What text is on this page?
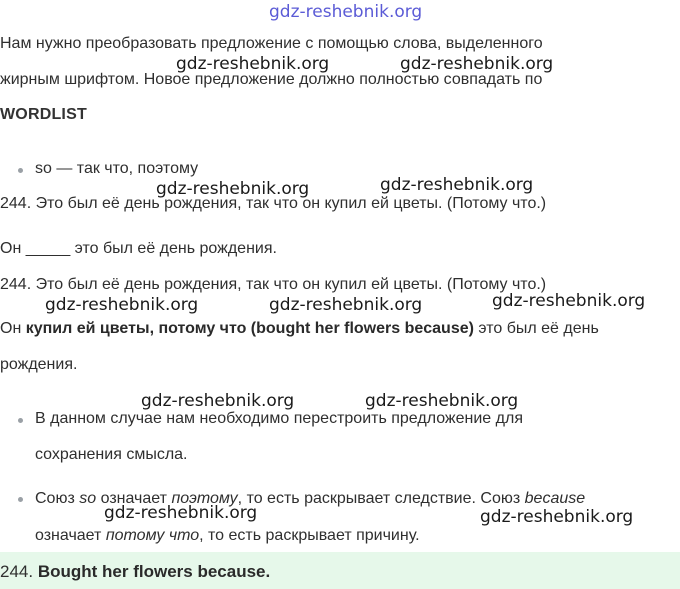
gdz-reshebnik.org
Нам нужно преобразовать предложение с помощью слова, выделенного
жирным шрифтом. Новое предложение должно полностью совпадать по
WORDLIST
so — так что, поэтому
244. Это был её день рождения, так что он купил ей цветы. (Потому что.)
Он _____ это был её день рождения.
244. Это был её день рождения, так что он купил ей цветы. (Потому что.)
Он купил ей цветы, потому что (bought her flowers because) это был её день
рождения.
В данном случае нам необходимо перестроить предложение для
сохранения смысла.
Союз so означает поэтому, то есть раскрывает следствие. Союз because
означает потому что, то есть раскрывает причину.
244. Bought her flowers because.
gdz-reshebnik.org	gdz-reshebnik.org
gdz-reshebnik.org	gdz-reshebnik.org
gdz-reshebnik.org	gdz-reshebnik.org	gdz-reshebnik.org
gdz-reshebnik.org	gdz-reshebnik.org
gdz-reshebnik.org	gdz-reshebnik.org
